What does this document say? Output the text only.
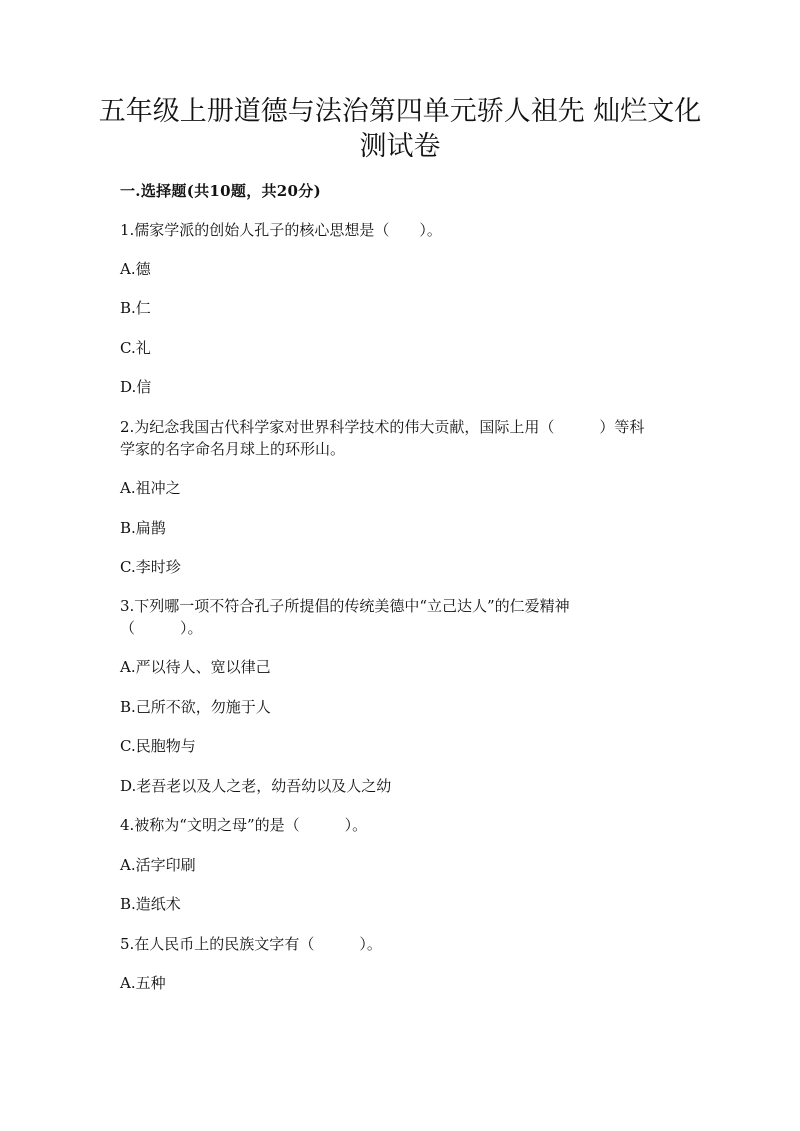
五年级上册道德与法治第四单元骄人祖先 灿烂文化
测试卷
一.选择题(共10题，共20分)
1.儒家学派的创始人孔子的核心思想是（　　）。
A.德
B.仁
C.礼
D.信
2.为纪念我国古代科学家对世界科学技术的伟大贡献，国际上用（　　　）等科
学家的名字命名月球上的环形山。
A.祖冲之
B.扁鹊
C.李时珍
3.下列哪一项不符合孔子所提倡的传统美德中“立己达人”的仁爱精神
（　　　）。
A.严以待人、宽以律己
B.己所不欲，勿施于人
C.民胞物与
D.老吾老以及人之老，幼吾幼以及人之幼
4.被称为“文明之母”的是（　　　）。
A.活字印刷
B.造纸术
5.在人民币上的民族文字有（　　　）。
A.五种
